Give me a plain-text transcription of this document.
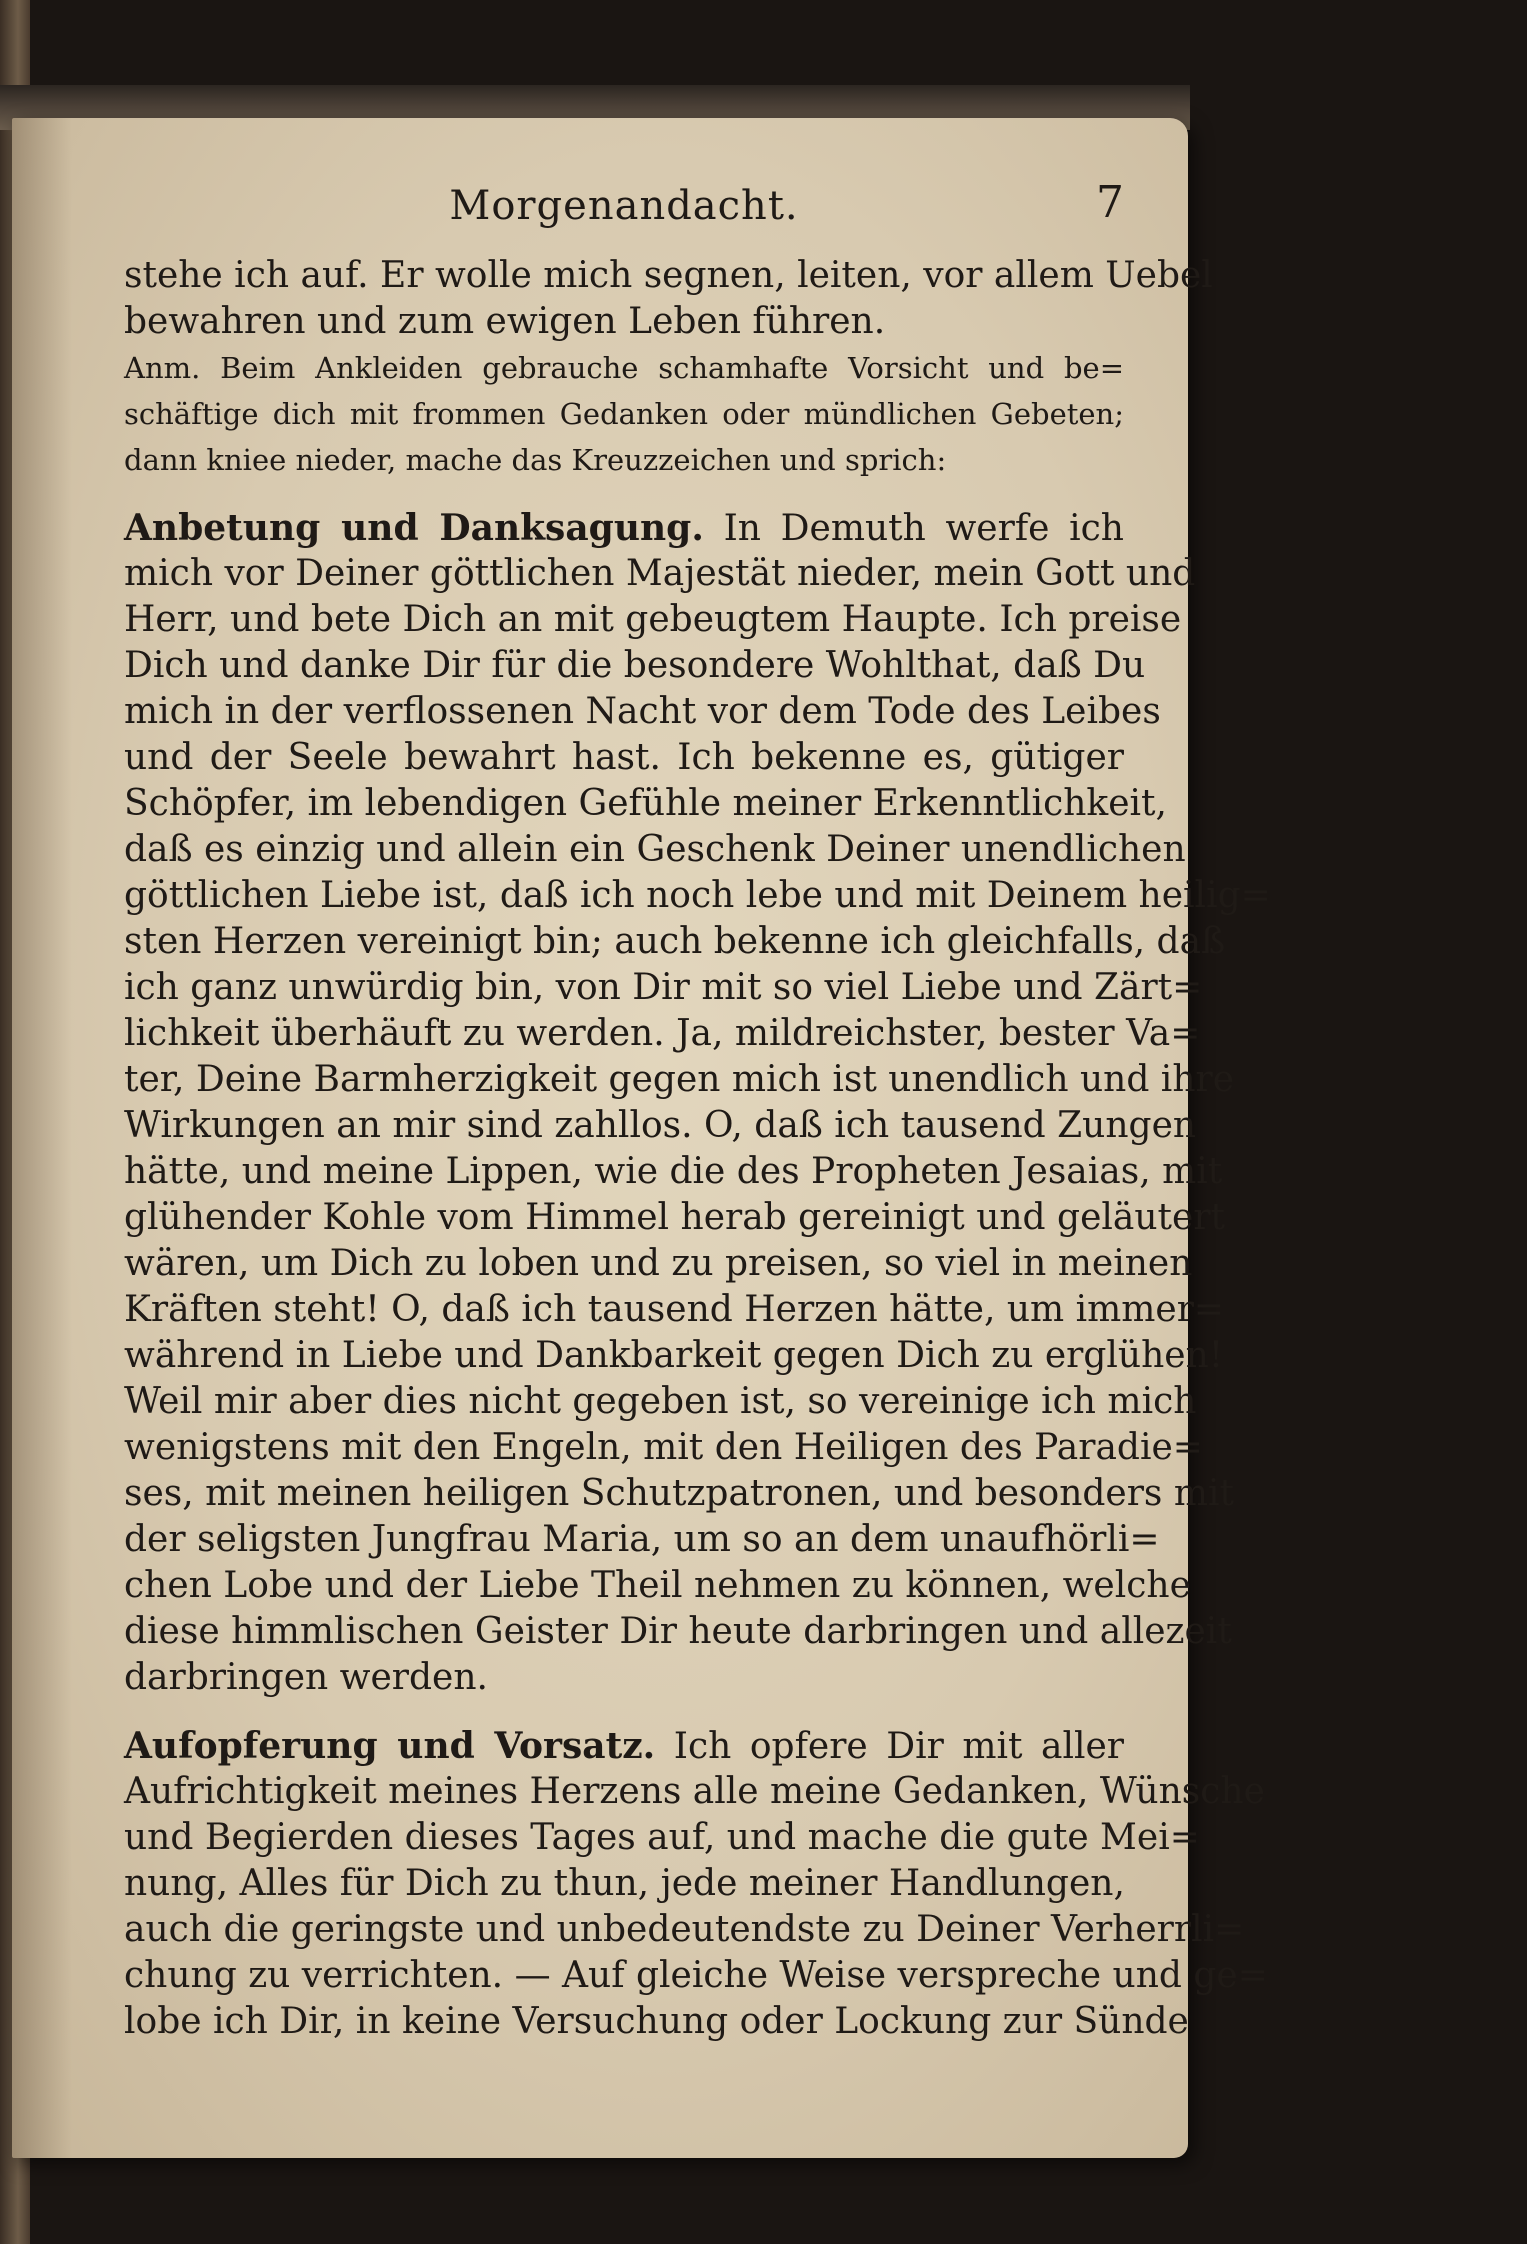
Morgenandacht.	7
stehe ich auf. Er wolle mich segnen, leiten, vor allem Uebel
bewahren und zum ewigen Leben führen.
Anm. Beim Ankleiden gebrauche schamhafte Vorsicht und be=
schäftige dich mit frommen Gedanken oder mündlichen Gebeten;
dann kniee nieder, mache das Kreuzzeichen und sprich:
Anbetung und Danksagung. In Demuth werfe ich
mich vor Deiner göttlichen Majestät nieder, mein Gott und
Herr, und bete Dich an mit gebeugtem Haupte. Ich preise
Dich und danke Dir für die besondere Wohlthat, daß Du
mich in der verflossenen Nacht vor dem Tode des Leibes
und der Seele bewahrt hast. Ich bekenne es, gütiger
Schöpfer, im lebendigen Gefühle meiner Erkenntlichkeit,
daß es einzig und allein ein Geschenk Deiner unendlichen
göttlichen Liebe ist, daß ich noch lebe und mit Deinem heilig=
sten Herzen vereinigt bin; auch bekenne ich gleichfalls, daß
ich ganz unwürdig bin, von Dir mit so viel Liebe und Zärt=
lichkeit überhäuft zu werden. Ja, mildreichster, bester Va=
ter, Deine Barmherzigkeit gegen mich ist unendlich und ihre
Wirkungen an mir sind zahllos. O, daß ich tausend Zungen
hätte, und meine Lippen, wie die des Propheten Jesaias, mit
glühender Kohle vom Himmel herab gereinigt und geläutert
wären, um Dich zu loben und zu preisen, so viel in meinen
Kräften steht! O, daß ich tausend Herzen hätte, um immer=
während in Liebe und Dankbarkeit gegen Dich zu erglühen!
Weil mir aber dies nicht gegeben ist, so vereinige ich mich
wenigstens mit den Engeln, mit den Heiligen des Paradie=
ses, mit meinen heiligen Schutzpatronen, und besonders mit
der seligsten Jungfrau Maria, um so an dem unaufhörli=
chen Lobe und der Liebe Theil nehmen zu können, welche
diese himmlischen Geister Dir heute darbringen und allezeit
darbringen werden.
Aufopferung und Vorsatz. Ich opfere Dir mit aller
Aufrichtigkeit meines Herzens alle meine Gedanken, Wünsche
und Begierden dieses Tages auf, und mache die gute Mei=
nung, Alles für Dich zu thun, jede meiner Handlungen,
auch die geringste und unbedeutendste zu Deiner Verherrli=
chung zu verrichten. — Auf gleiche Weise verspreche und ge=
lobe ich Dir, in keine Versuchung oder Lockung zur Sünde
